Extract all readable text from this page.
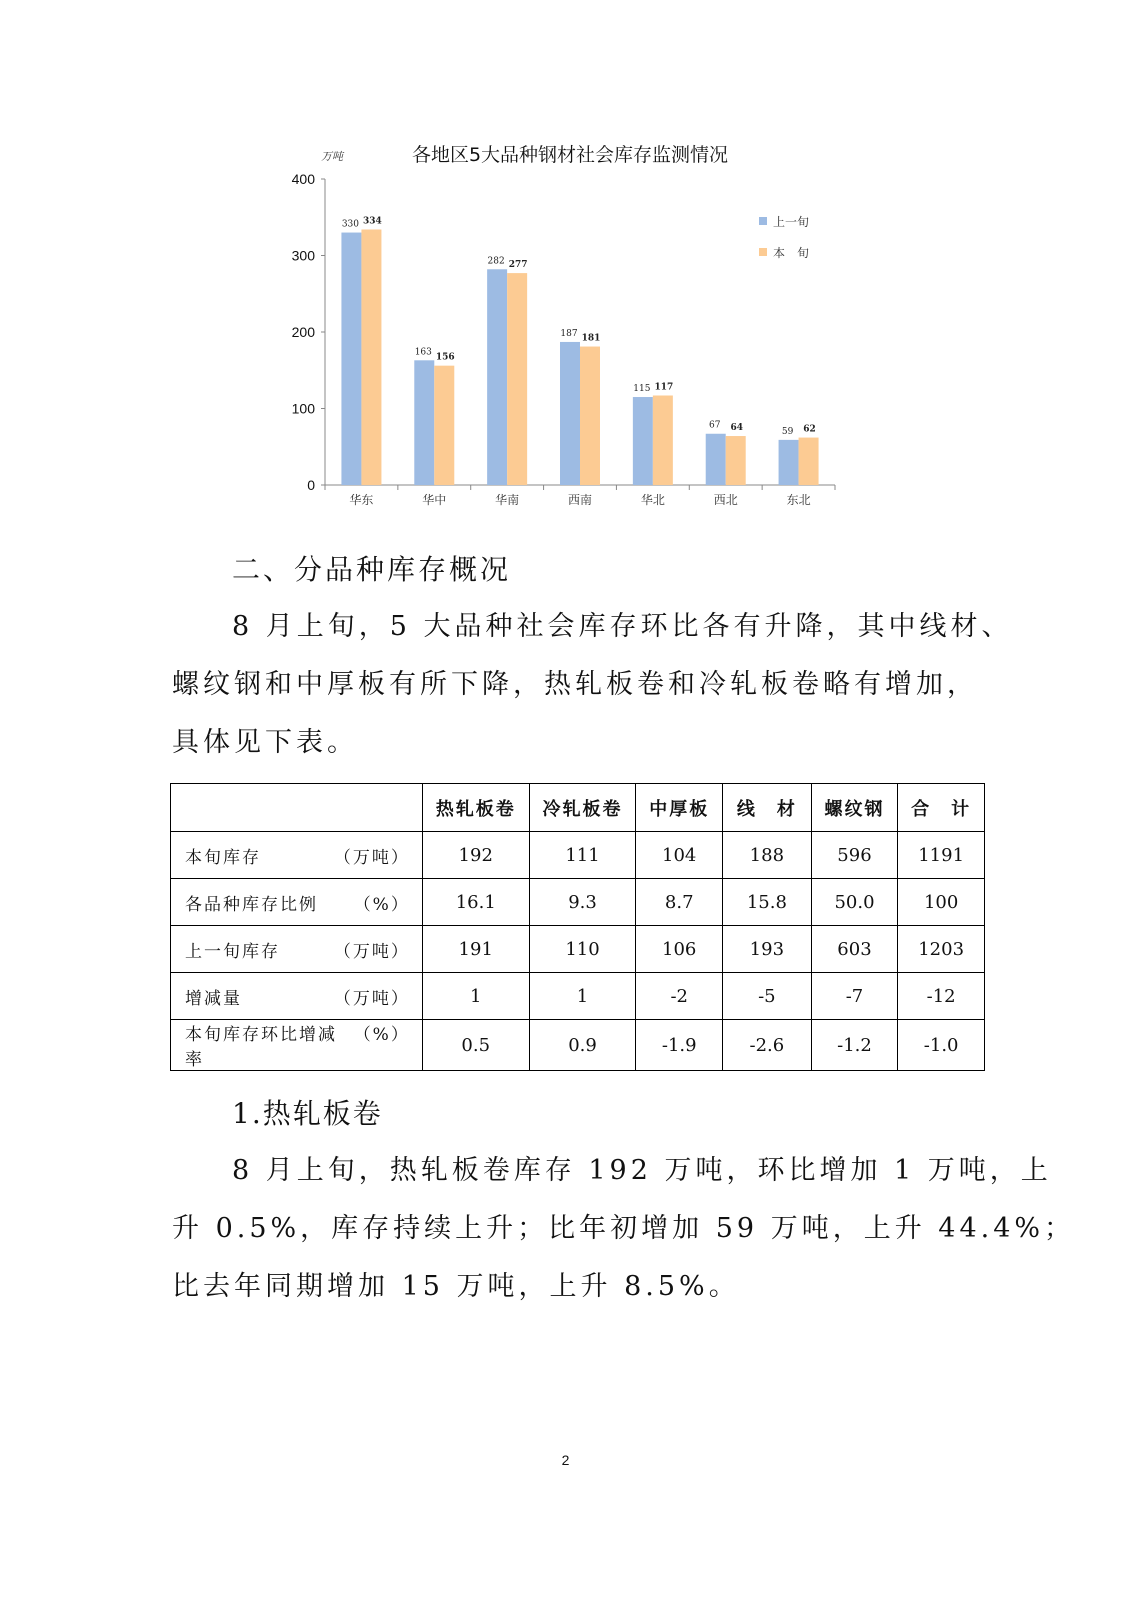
各地区5大品种钢材社会库存监测情况
万吨
0
100
200
300
400
330 334
华东
163
156
华中
282 277
华南
187 181
西南
115 117
华北
67 64
西北
59 62
东北
上一旬
本　旬
二、分品种库存概况

8 月上旬，5 大品种社会库存环比各有升降，其中线材、
螺纹钢和中厚板有所下降，热轧板卷和冷轧板卷略有增加，
具体见下表。

	热轧板卷	冷轧板卷	中厚板	线　材	螺纹钢	合　计

本旬库存 （万吨）	192	111	104	188	596	1191

各品种库存比例 （%）	16.1	9.3	8.7	15.8	50.0	100

上一旬库存 （万吨）	191	110	106	193	603	1203

增减量 （万吨）	1	1	-2	-5	-7	-12

本旬库存环比增减率
（%）	0.5	0.9	-1.9	-2.6	-1.2	-1.0
1.热轧板卷

8 月上旬，热轧板卷库存 192 万吨，环比增加 1 万吨，上
升 0.5%，库存持续上升；比年初增加 59 万吨，上升 44.4%；
比去年同期增加 15 万吨，上升 8.5%。

2
